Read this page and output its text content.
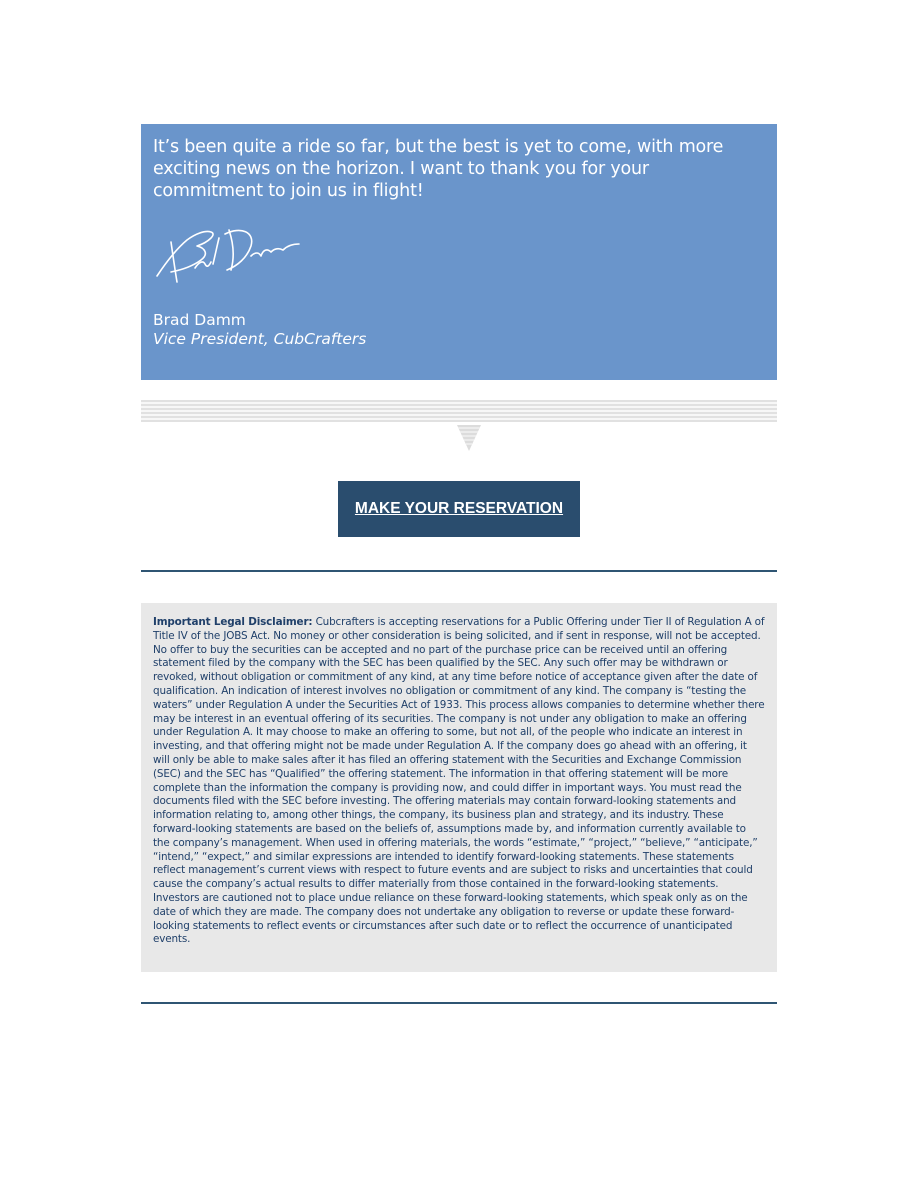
It’s been quite a ride so far, but the best is yet to come, with more exciting news on the horizon. I want to thank you for your commitment to join us in flight!

Brad Damm
Vice President, CubCrafters
MAKE YOUR RESERVATION

Important Legal Disclaimer: Cubcrafters is accepting reservations for a Public Offering under Tier II of Regulation A of Title IV of the JOBS Act. No money or other consideration is being solicited, and if sent in response, will not be accepted. No offer to buy the securities can be accepted and no part of the purchase price can be received until an offering statement filed by the company with the SEC has been qualified by the SEC. Any such offer may be withdrawn or revoked, without obligation or commitment of any kind, at any time before notice of acceptance given after the date of qualification. An indication of interest involves no obligation or commitment of any kind. The company is “testing the waters” under Regulation A under the Securities Act of 1933. This process allows companies to determine whether there may be interest in an eventual offering of its securities. The company is not under any obligation to make an offering under Regulation A. It may choose to make an offering to some, but not all, of the people who indicate an interest in investing, and that offering might not be made under Regulation A. If the company does go ahead with an offering, it will only be able to make sales after it has filed an offering statement with the Securities and Exchange Commission (SEC) and the SEC has “Qualified” the offering statement. The information in that offering statement will be more complete than the information the company is providing now, and could differ in important ways. You must read the documents filed with the SEC before investing. The offering materials may contain forward-looking statements and information relating to, among other things, the company, its business plan and strategy, and its industry. These forward-looking statements are based on the beliefs of, assumptions made by, and information currently available to the company’s management. When used in offering materials, the words “estimate,” “project,” “believe,” “anticipate,” “intend,” “expect,” and similar expressions are intended to identify forward-looking statements. These statements reflect management’s current views with respect to future events and are subject to risks and uncertainties that could cause the company’s actual results to differ materially from those contained in the forward-looking statements. Investors are cautioned not to place undue reliance on these forward-looking statements, which speak only as on the date of which they are made. The company does not undertake any obligation to reverse or update these forward-looking statements to reflect events or circumstances after such date or to reflect the occurrence of unanticipated events.
